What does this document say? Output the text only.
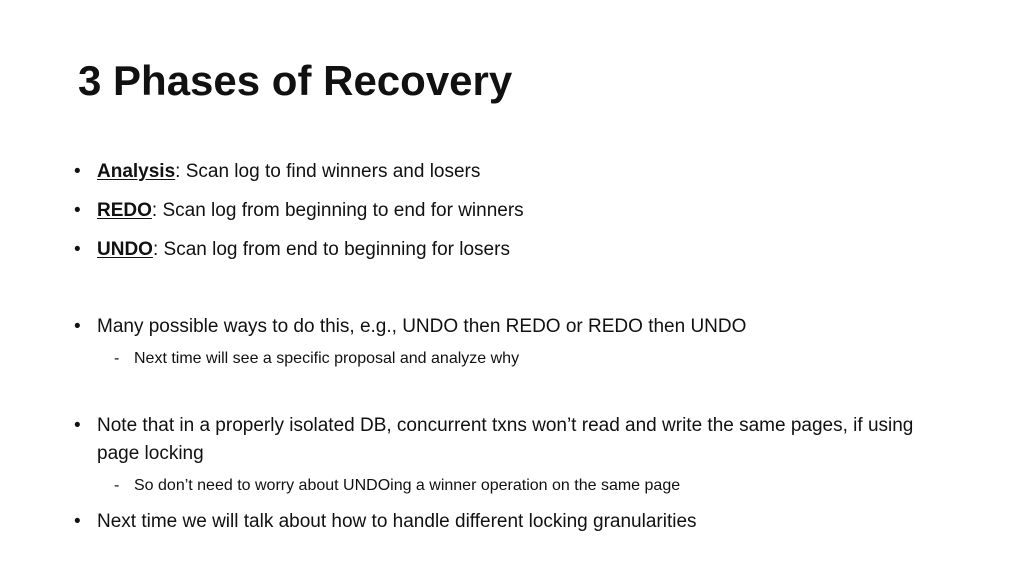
3 Phases of Recovery
• Analysis: Scan log to find winners and losers
• REDO: Scan log from beginning to end for winners
• UNDO: Scan log from end to beginning for losers
• Many possible ways to do this, e.g., UNDO then REDO or REDO then UNDO
- Next time will see a specific proposal and analyze why
• Note that in a properly isolated DB, concurrent txns won’t read and write the same pages, if using page locking
- So don’t need to worry about UNDOing a winner operation on the same page
• Next time we will talk about how to handle different locking granularities
